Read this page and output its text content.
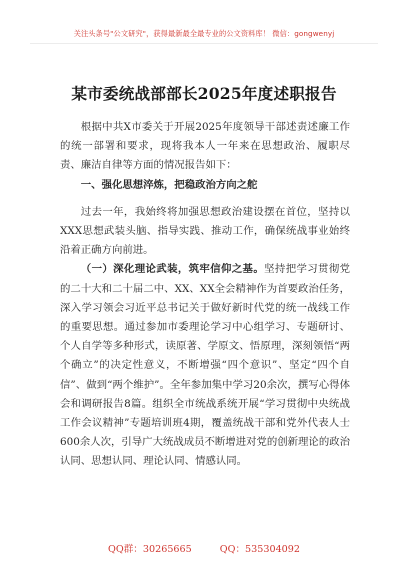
关注头条号"公文研究"，获得最新最全最专业的公文资料库！ 微信：gongwenyj
某市委统战部部长2025年度述职报告

根据中共X市委关于开展2025年度领导干部述责述廉工作的统一部署和要求，现将我本人一年来在思想政治、履职尽责、廉洁自律等方面的情况报告如下：

一、强化思想淬炼，把稳政治方向之舵

过去一年，我始终将加强思想政治建设摆在首位，坚持以XXX思想武装头脑、指导实践、推动工作，确保统战事业始终沿着正确方向前进。

（一）深化理论武装，筑牢信仰之基。坚持把学习贯彻党的二十大和二十届二中、XX、XX全会精神作为首要政治任务，深入学习领会习近平总书记关于做好新时代党的统一战线工作的重要思想。通过参加市委理论学习中心组学习、专题研讨、个人自学等多种形式，读原著、学原文、悟原理，深刻领悟“两个确立”的决定性意义，不断增强“四个意识”、坚定“四个自信”、做到“两个维护”。全年参加集中学习20余次，撰写心得体会和调研报告8篇。组织全市统战系统开展“学习贯彻中央统战工作会议精神”专题培训班4期，覆盖统战干部和党外代表人士600余人次，引导广大统战成员不断增进对党的创新理论的政治认同、思想认同、理论认同、情感认同。

QQ群：30265665	QQ：535304092
